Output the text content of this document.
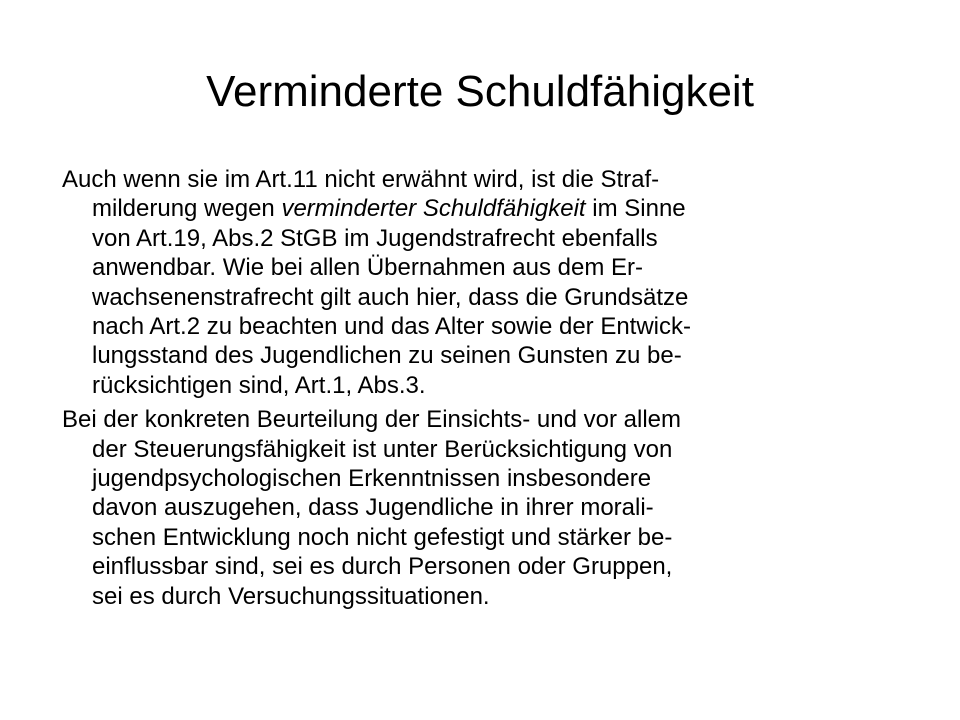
Verminderte Schuldfähigkeit
Auch wenn sie im Art.11 nicht erwähnt wird, ist die Straf-
milderung wegen verminderter Schuldfähigkeit im Sinne
von Art.19, Abs.2 StGB im Jugendstrafrecht ebenfalls
anwendbar. Wie bei allen Übernahmen aus dem Er-
wachsenenstrafrecht gilt auch hier, dass die Grundsätze
nach Art.2 zu beachten und das Alter sowie der Entwick-
lungsstand des Jugendlichen zu seinen Gunsten zu be-
rücksichtigen sind, Art.1, Abs.3.
Bei der konkreten Beurteilung der Einsichts- und vor allem
der Steuerungsfähigkeit ist unter Berücksichtigung von
jugendpsychologischen Erkenntnissen insbesondere
davon auszugehen, dass Jugendliche in ihrer morali-
schen Entwicklung noch nicht gefestigt und stärker be-
einflussbar sind, sei es durch Personen oder Gruppen,
sei es durch Versuchungssituationen.
